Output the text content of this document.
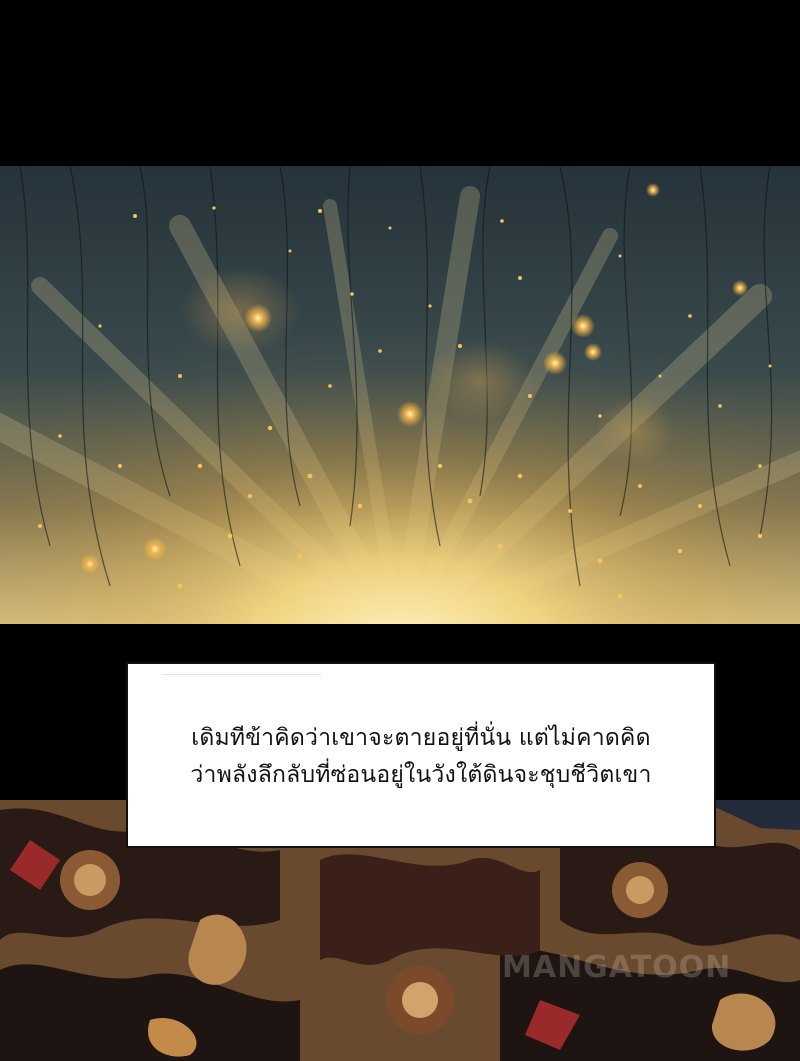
MANGATOON
เดิมทีข้าคิดว่าเขาจะตายอยู่ที่นั่น แต่ไม่คาดคิด
ว่าพลังลึกลับที่ซ่อนอยู่ในวังใต้ดินจะชุบชีวิตเขา
